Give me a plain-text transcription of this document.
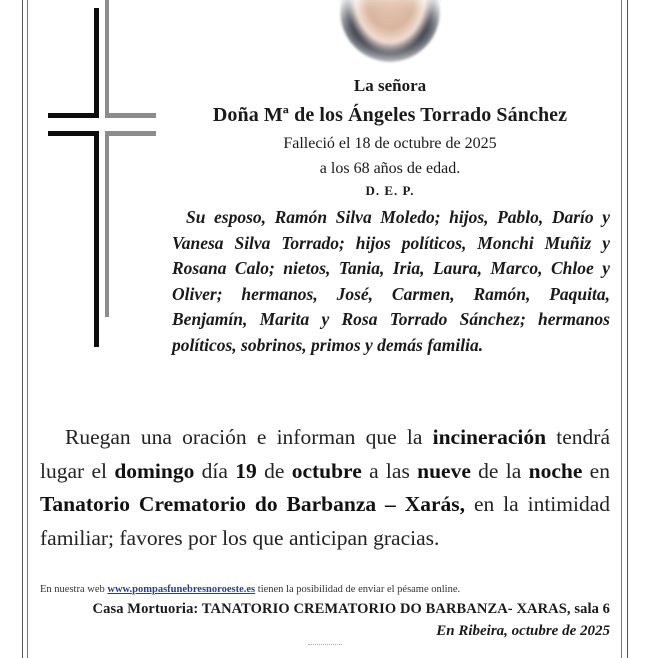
La señora
Doña Mª de los Ángeles Torrado Sánchez
Falleció el 18 de octubre de 2025
a los 68 años de edad.
D. E. P.
Su esposo, Ramón Silva Moledo; hijos, Pablo, Darío y Vanesa Silva Torrado; hijos políticos, Monchi Muñiz y Rosana Calo; nietos, Tania, Iria, Laura, Marco, Chloe y Oliver; hermanos, José, Carmen, Ramón, Paquita, Benjamín, Marita y Rosa Torrado Sánchez; hermanos políticos, sobrinos, primos y demás familia.
Ruegan una oración e informan que la incineración tendrá lugar el domingo día 19 de octubre a las nueve de la noche en Tanatorio Crematorio do Barbanza – Xarás, en la intimidad familiar; favores por los que anticipan gracias.
En nuestra web www.pompasfunebresnoroeste.es tienen la posibilidad de enviar el pésame online.
Casa Mortuoria: TANATORIO CREMATORIO DO BARBANZA- XARAS, sala 6
En Ribeira, octubre de 2025
